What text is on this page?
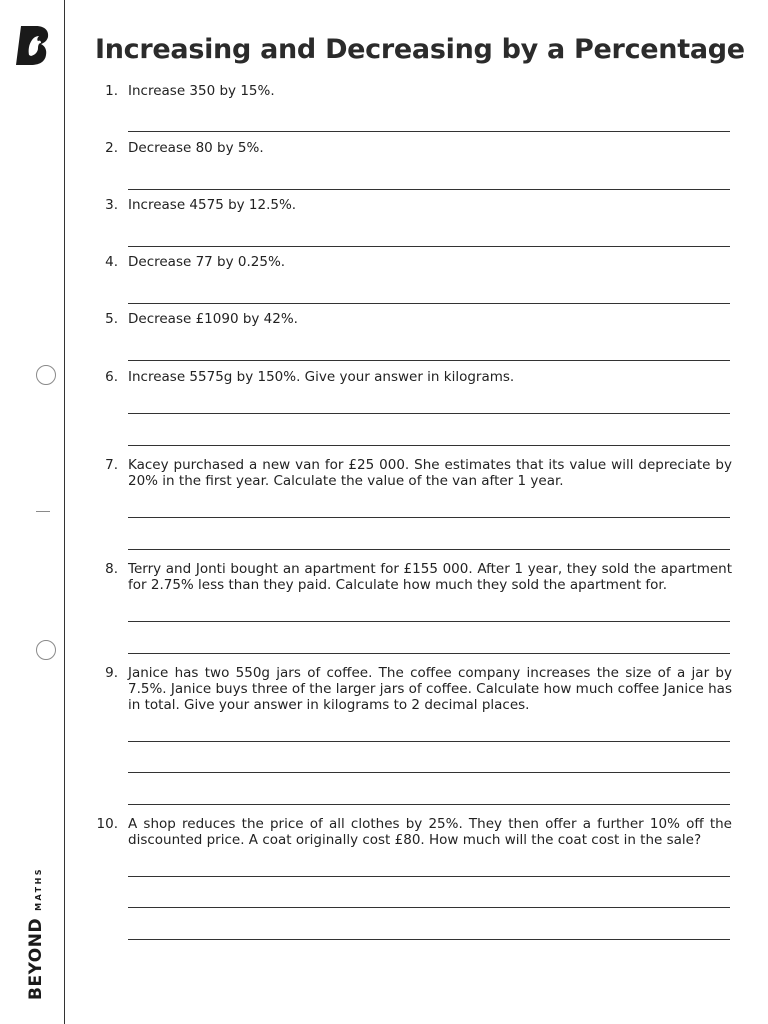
BEYOND
MATHS
Increasing and Decreasing by a Percentage
1. Increase 350 by 15%.
2. Decrease 80 by 5%.
3. Increase 4575 by 12.5%.
4. Decrease 77 by 0.25%.
5. Decrease £1090 by 42%.
6. Increase 5575g by 150%. Give your answer in kilograms.
7. Kacey purchased a new van for £25 000. She estimates that its value will depreciate by 20% in the first year. Calculate the value of the van after 1 year.
8. Terry and Jonti bought an apartment for £155 000. After 1 year, they sold the apartment for 2.75% less than they paid. Calculate how much they sold the apartment for.
9. Janice has two 550g jars of coffee. The coffee company increases the size of a jar by 7.5%. Janice buys three of the larger jars of coffee. Calculate how much coffee Janice has in total. Give your answer in kilograms to 2 decimal places.
10. A shop reduces the price of all clothes by 25%. They then offer a further 10% off the discounted price. A coat originally cost £80. How much will the coat cost in the sale?
